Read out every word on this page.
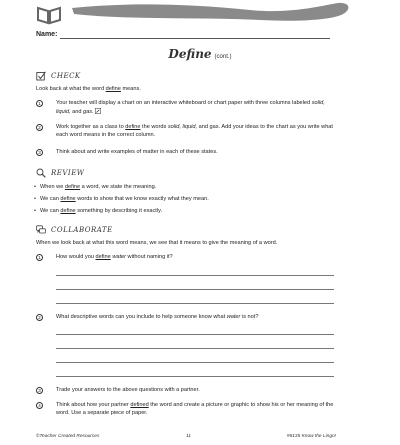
Name:
Define (cont.)
CHECK
Look back at what the word define means.
1	Your teacher will display a chart on an interactive whiteboard or chart paper with three columns labeled solid, liquid, and gas.
2	Work together as a class to define the words solid, liquid, and gas. Add your ideas to the chart as you write what each word means in the correct column.
3	Think about and write examples of matter in each of these states.
REVIEW
• When we define a word, we state the meaning.
• We can define words to show that we know exactly what they mean.
• We can define something by describing it exactly.
COLLABORATE
When we look back at what this word means, we see that it means to give the meaning of a word.
1	How would you define water without naming it?
2	What descriptive words can you include to help someone know what water is not?
3	Trade your answers to the above questions with a partner.
4	Think about how your partner defined the word and create a picture or graphic to show his or her meaning of the word. Use a separate piece of paper.
©Teacher Created Resources	11	#8135 Know the Lingo!
